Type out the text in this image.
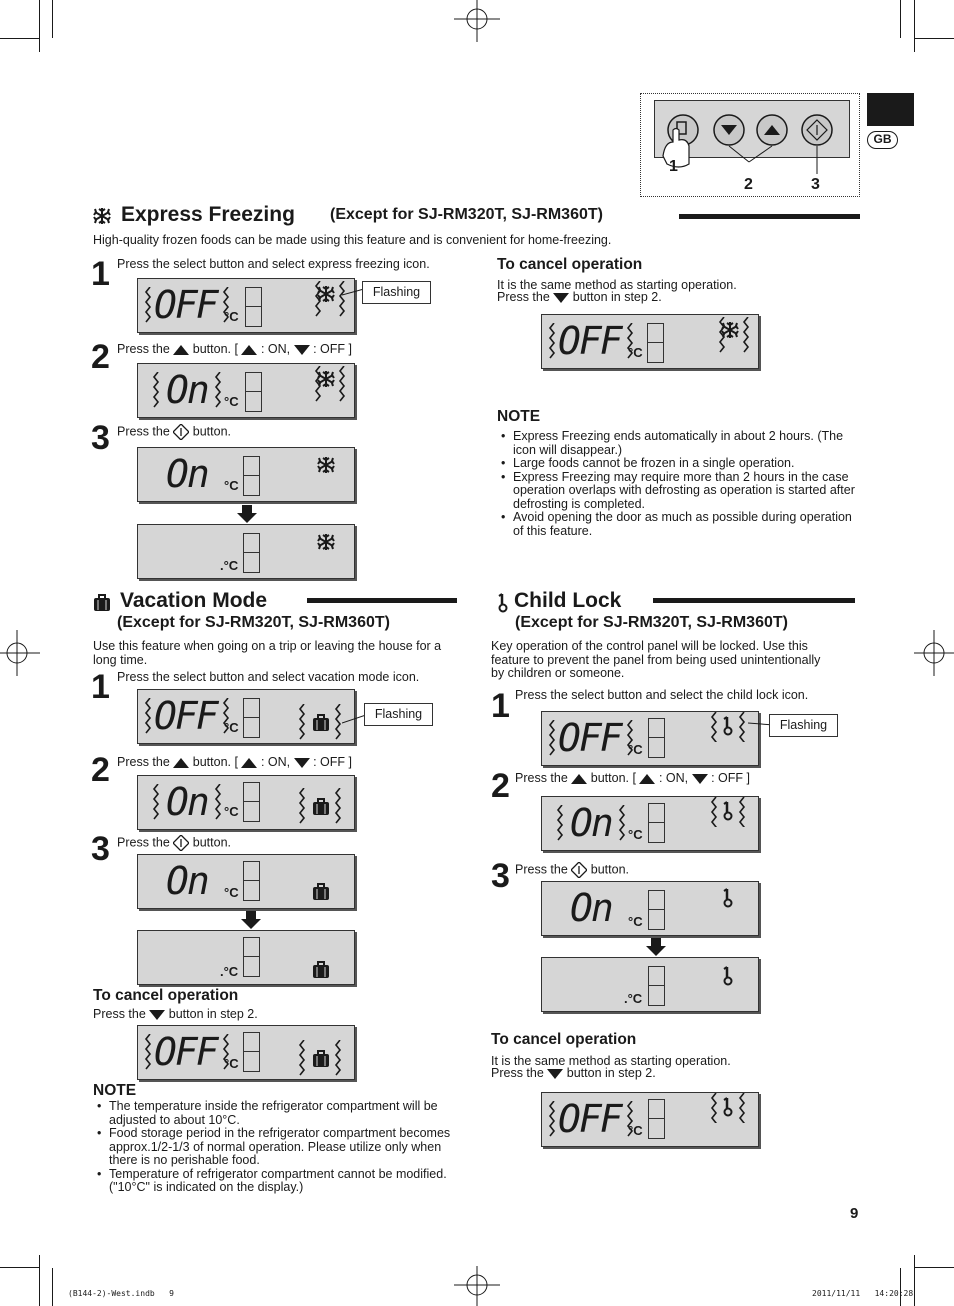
1
2	3
GB
Express Freezing (Except for SJ-RM320T, SJ-RM360T)
High-quality frozen foods can be made using this feature and is convenient for home-freezing.
1 Press the select button and select express freezing icon.
OFF °C
Flashing
2 Press the button. [ : ON, : OFF ]
On °C
3 Press the button.
On °C
.°C
To cancel operation
It is the same method as starting operation.
Press the button in step 2.
OFF °C
NOTE
• Express Freezing ends automatically in about 2 hours. (The icon will disappear.)
• Large foods cannot be frozen in a single operation.
• Express Freezing may require more than 2 hours in the case operation overlaps with defrosting as operation is started after defrosting is completed.
• Avoid opening the door as much as possible during operation of this feature.
Vacation Mode
(Except for SJ-RM320T, SJ-RM360T)
Use this feature when going on a trip or leaving the house for a long time.
1 Press the select button and select vacation mode icon.
OFF °C
Flashing
2 Press the button. [ : ON, : OFF ]
On °C
3 Press the button.
On °C
.°C
To cancel operation
Press the button in step 2.
OFF °C
NOTE
• The temperature inside the refrigerator compartment will be adjusted to about 10°C.
• Food storage period in the refrigerator compartment becomes approx.1/2-1/3 of normal operation. Please utilize only when there is no perishable food.
• Temperature of refrigerator compartment cannot be modified. ("10°C" is indicated on the display.)
Child Lock
(Except for SJ-RM320T, SJ-RM360T)
Key operation of the control panel will be locked. Use this feature to prevent the panel from being used unintentionally by children or someone.
1 Press the select button and select the child lock icon.
OFF °C
Flashing
2 Press the button. [ : ON, : OFF ]
On °C
3 Press the button.
On °C
.°C
To cancel operation
It is the same method as starting operation.
Press the button in step 2.
OFF °C
9
(B144-2)-West.indb   9	2011/11/11   14:20:28
